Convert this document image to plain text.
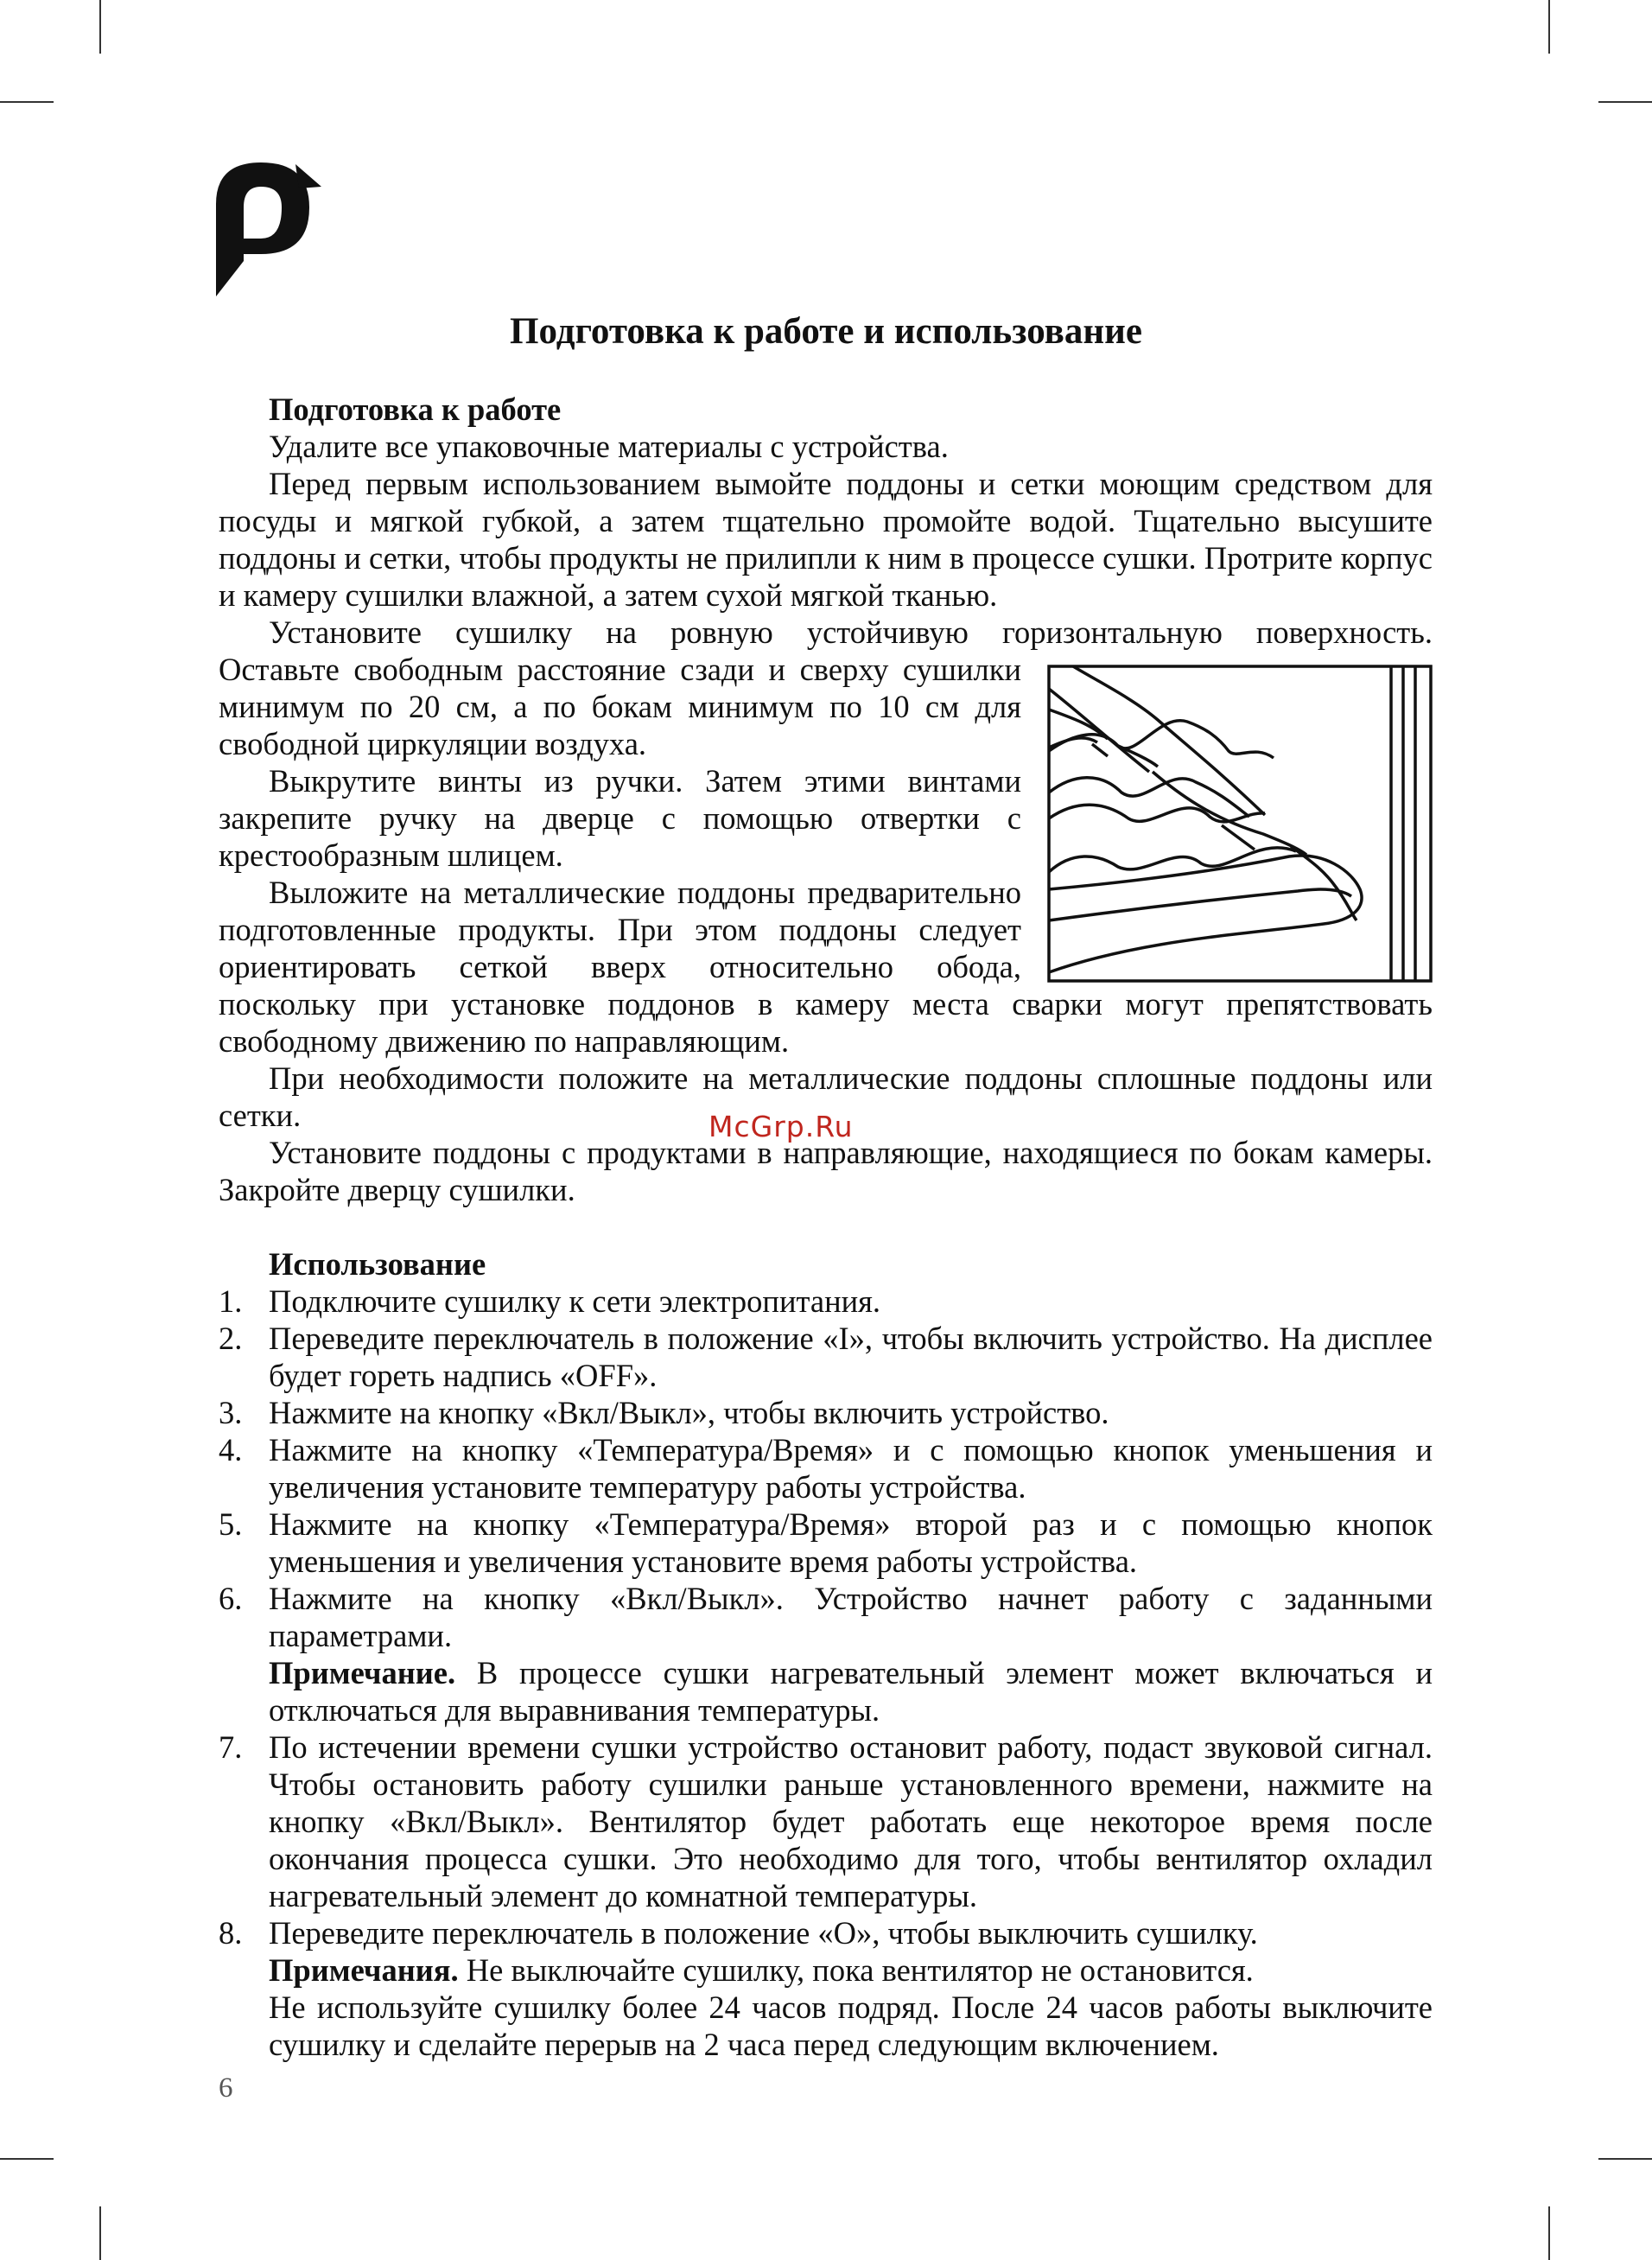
Подготовка к работе и использование
Подготовка к работе

Удалите все упаковочные материалы с устройства.

Перед первым использованием вымойте поддоны и сетки моющим средством для посуды и мягкой губкой, а затем тщательно промойте водой. Тщательно высушите поддоны и сетки, чтобы продукты не прилипли к ним в процессе сушки. Протрите корпус и камеру сушилки влажной, а затем сухой мягкой тканью.

Установите сушилку на ровную устойчивую горизонтальную поверхность.

Оставьте свободным расстояние сзади и сверху сушилки минимум по 20 см, а по бокам минимум по 10 см для свободной циркуляции воздуха.

Выкрутите винты из ручки. Затем этими винтами закрепите ручку на дверце с помощью отвертки с крестообразным шлицем.

Выложите на металлические поддоны предварительно подготовленные продукты. При этом поддоны следует ориентировать сеткой вверх относительно обода, поскольку при установке поддонов в камеру места сварки могут препятствовать свободному движению по направляющим.

При необходимости положите на металлические поддоны сплошные поддоны или сетки.

Установите поддоны с продуктами в направляющие, находящиеся по бокам камеры. Закройте дверцу сушилки.

Использование
1. Подключите сушилку к сети электропитания.
2. Переведите переключатель в положение «I», чтобы включить устройство. На дисплее будет гореть надпись «OFF».
3. Нажмите на кнопку «Вкл/Выкл», чтобы включить устройство.
4. Нажмите на кнопку «Температура/Время» и с помощью кнопок уменьшения и увеличения установите температуру работы устройства.
5. Нажмите на кнопку «Температура/Время» второй раз и с помощью кнопок уменьшения и увеличения установите время работы устройства.
6. Нажмите на кнопку «Вкл/Выкл». Устройство начнет работу с заданными параметрами.
Примечание. В процессе сушки нагревательный элемент может включаться и отключаться для выравнивания температуры.
7. По истечении времени сушки устройство остановит работу, подаст звуковой сигнал. Чтобы остановить работу сушилки раньше установленного времени, нажмите на кнопку «Вкл/Выкл». Вентилятор будет работать еще некоторое время после окончания процесса сушки. Это необходимо для того, чтобы вентилятор охладил нагревательный элемент до комнатной температуры.
8. Переведите переключатель в положение «O», чтобы выключить сушилку.
Примечания. Не выключайте сушилку, пока вентилятор не остановится.
Не используйте сушилку более 24 часов подряд. После 24 часов работы выключите сушилку и сделайте перерыв на 2 часа перед следующим включением.
McGrp.Ru
6
